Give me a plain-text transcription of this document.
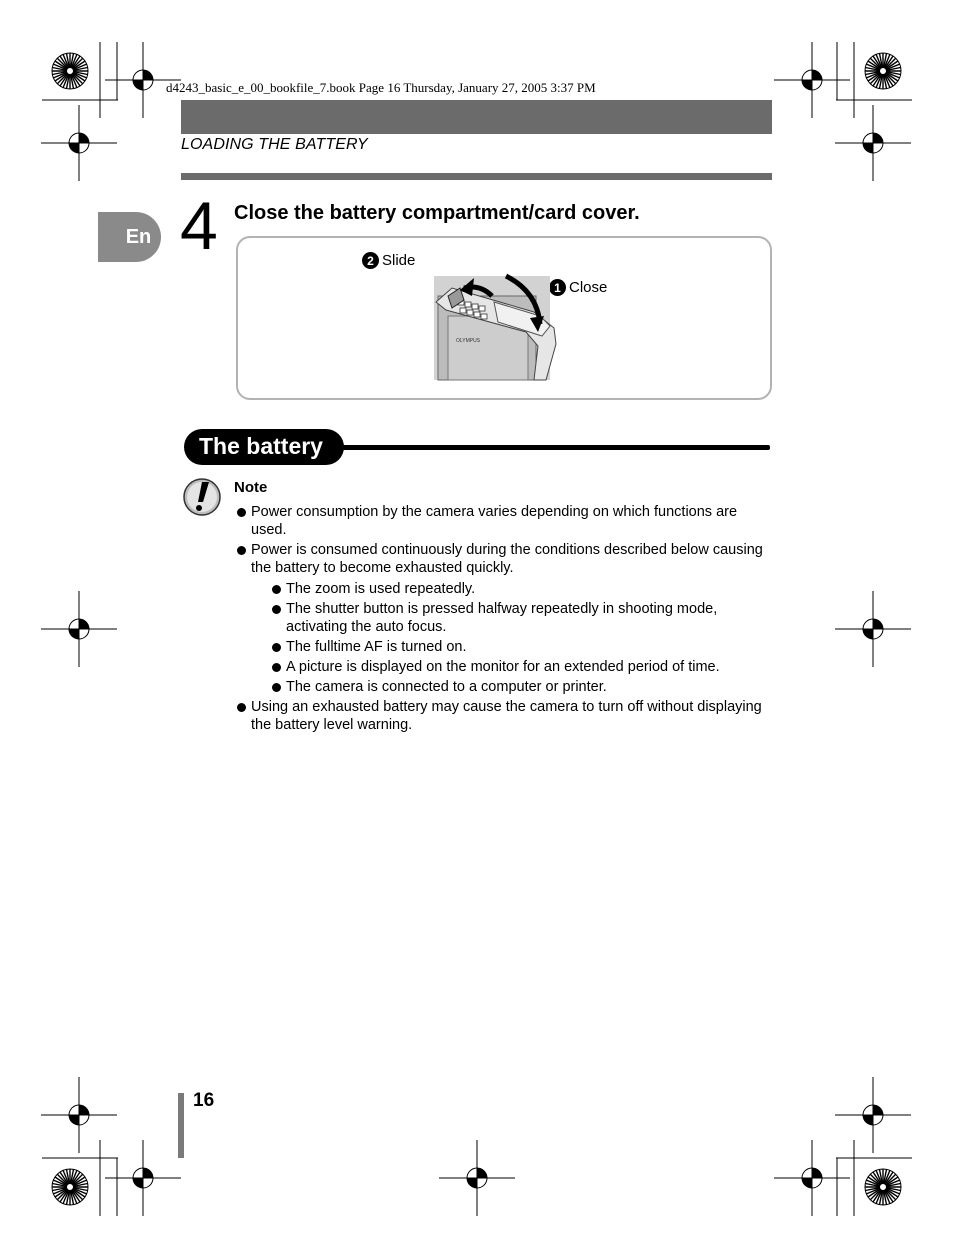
d4243_basic_e_00_bookfile_7.book Page 16 Thursday, January 27, 2005 3:37 PM
LOADING THE BATTERY
En 4 Close the battery compartment/card cover.
2 Slide
1 Close
OLYMPUS
The battery
Note
Power consumption by the camera varies depending on which functions are used.
Power is consumed continuously during the conditions described below causing the battery to become exhausted quickly.
The zoom is used repeatedly.
The shutter button is pressed halfway repeatedly in shooting mode, activating the auto focus.
The fulltime AF is turned on.
A picture is displayed on the monitor for an extended period of time.
The camera is connected to a computer or printer.
Using an exhausted battery may cause the camera to turn off without displaying the battery level warning.
16
